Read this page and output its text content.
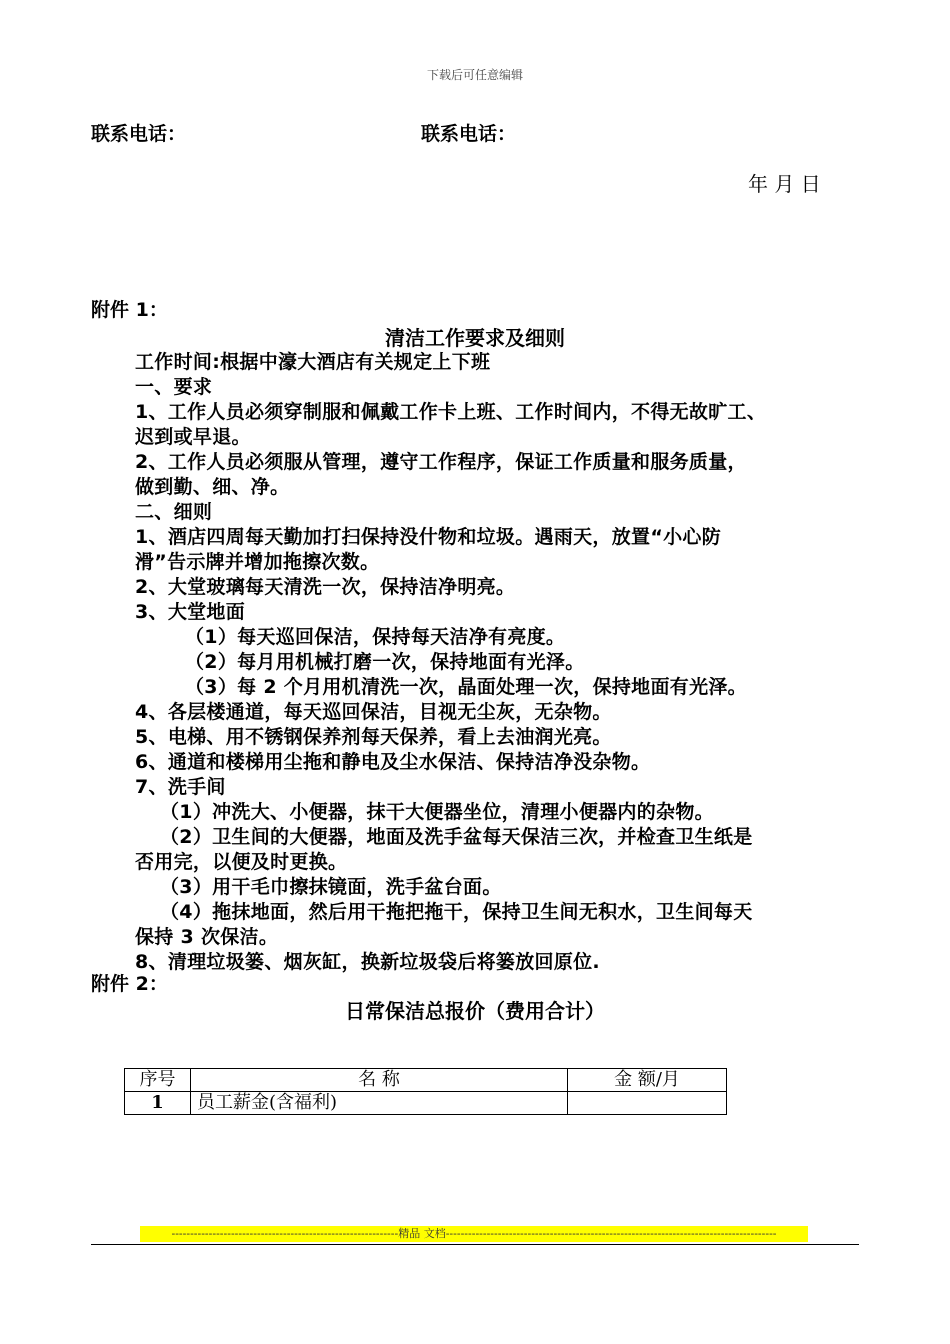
下载后可任意编辑
联系电话：	联系电话：
年 月 日
附件 1：
清洁工作要求及细则
工作时间:根据中濠大酒店有关规定上下班
一、要求
1、工作人员必须穿制服和佩戴工作卡上班、工作时间内，不得无故旷工、
迟到或早退。
2、工作人员必须服从管理，遵守工作程序，保证工作质量和服务质量，
做到勤、细、净。
二、细则
1、酒店四周每天勤加打扫保持没什物和垃圾。遇雨天，放置“小心防
滑”告示牌并增加拖擦次数。
2、大堂玻璃每天清洗一次，保持洁净明亮。
3、大堂地面
（1）每天巡回保洁，保持每天洁净有亮度。
（2）每月用机械打磨一次，保持地面有光泽。
（3）每 2 个月用机清洗一次，晶面处理一次，保持地面有光泽。
4、各层楼通道，每天巡回保洁，目视无尘灰，无杂物。
5、电梯、用不锈钢保养剂每天保养，看上去油润光亮。
6、通道和楼梯用尘拖和静电及尘水保洁、保持洁净没杂物。
7、洗手间
（1）冲洗大、小便器，抹干大便器坐位，清理小便器内的杂物。
（2）卫生间的大便器，地面及洗手盆每天保洁三次，并检查卫生纸是
否用完，以便及时更换。
（3）用干毛巾擦抹镜面，洗手盆台面。
（4）拖抹地面，然后用干拖把拖干，保持卫生间无积水，卫生间每天
保持 3 次保洁。
8、清理垃圾篓、烟灰缸，换新垃圾袋后将篓放回原位.
附件 2：
日常保洁总报价（费用合计）
序号	名 称	金 额/月
1	员工薪金(含福利)	
-------------------------------------------------------------精品 文档-----------------------------------------------------------------------------------------
